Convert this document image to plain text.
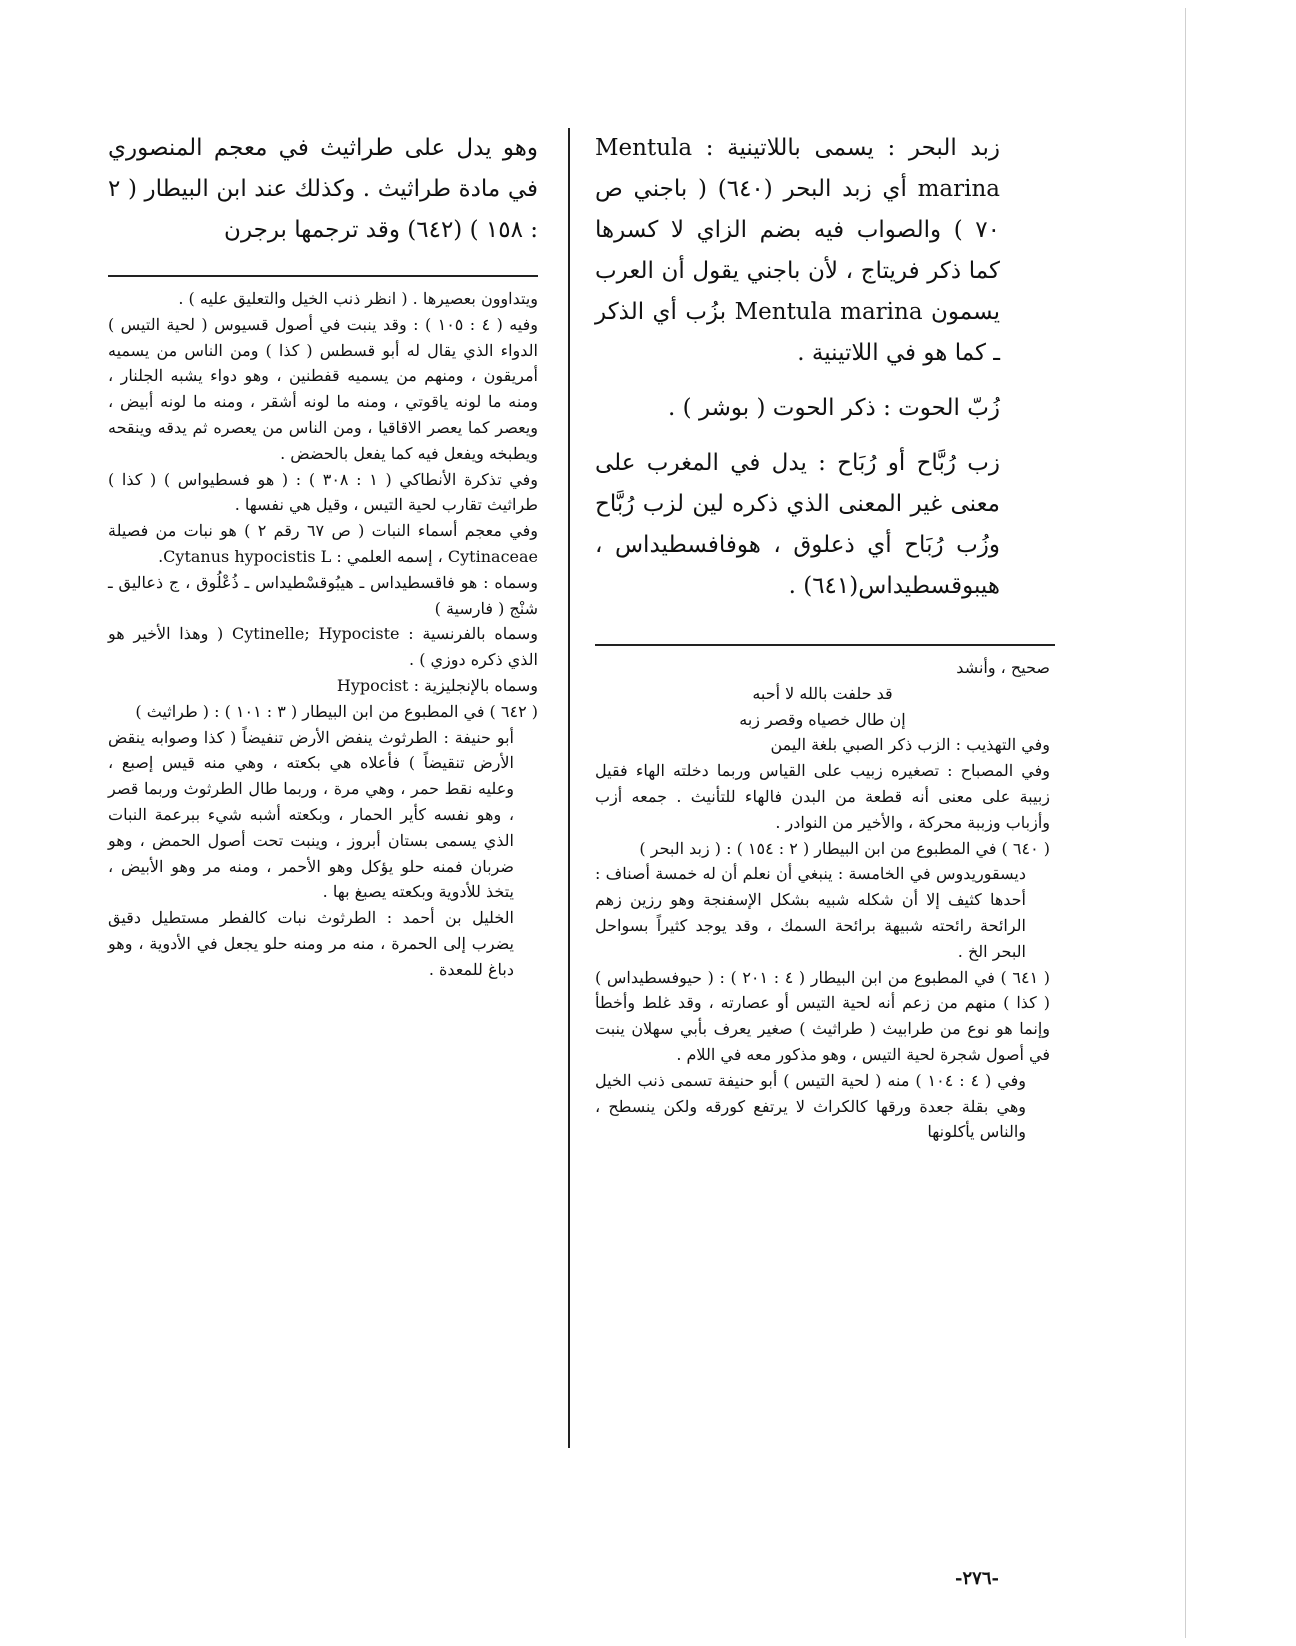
زبد البحر : يسمى باللاتينية : Mentula marina أي زبد البحر (٦٤٠) ( باجني ص ٧٠ ) والصواب فيه بضم الزاي لا كسرها كما ذكر فريتاج ، لأن باجني يقول أن العرب يسمون Mentula marina بزُب أي الذكر ـ كما هو في اللاتينية .

زُبّ الحوت : ذكر الحوت ( بوشر ) .

زب رُبَّاح أو رُبَاح : يدل في المغرب على معنى غير المعنى الذي ذكره لين لزب رُبَّاح وزُب رُبَاح أي ذعلوق ، هوفافسطيداس ، هيبوقسطيداس(٦٤١) .

وهو يدل على طراثيث في معجم المنصوري في مادة طراثيث . وكذلك عند ابن البيطار ( ٢ : ١٥٨ ) (٦٤٢) وقد ترجمها برجرن

صحيح ، وأنشد

قد حلفت بالله لا أحبه

إن طال خصياه وقصر زبه

وفي التهذيب : الزب ذكر الصبي بلغة اليمن

وفي المصباح : تصغيره زبيب على القياس وربما دخلته الهاء فقيل زبيبة على معنى أنه قطعة من البدن فالهاء للتأنيث . جمعه أزب وأزباب وزببة محركة ، والأخير من النوادر .

( ٦٤٠ ) في المطبوع من ابن البيطار ( ٢ : ١٥٤ ) : ( زبد البحر )

ديسقوريدوس في الخامسة : ينبغي أن نعلم أن له خمسة أصناف : أحدها كثيف إلا أن شكله شبيه بشكل الإسفنجة وهو رزين زهم الرائحة رائحته شبيهة برائحة السمك ، وقد يوجد كثيراً بسواحل البحر الخ .

( ٦٤١ ) في المطبوع من ابن البيطار ( ٤ : ٢٠١ ) : ( حيوفسطيداس ) ( كذا ) منهم من زعم أنه لحية التيس أو عصارته ، وقد غلط وأخطأ وإنما هو نوع من طرابيث ( طراثيث ) صغير يعرف بأبي سهلان ينبت في أصول شجرة لحية التيس ، وهو مذكور معه في اللام .

وفي ( ٤ : ١٠٤ ) منه ( لحية التيس ) أبو حنيفة تسمى ذنب الخيل وهي بقلة جعدة ورقها كالكراث لا يرتفع كورقه ولكن ينسطح ، والناس يأكلونها

ويتداوون بعصيرها . ( انظر ذنب الخيل والتعليق عليه ) .

وفيه ( ٤ : ١٠٥ ) : وقد ينبت في أصول قسيوس ( لحية التيس ) الدواء الذي يقال له أبو قسطس ( كذا ) ومن الناس من يسميه أمريقون ، ومنهم من يسميه قفطنين ، وهو دواء يشبه الجلنار ، ومنه ما لونه ياقوتي ، ومنه ما لونه أشقر ، ومنه ما لونه أبيض ، ويعصر كما يعصر الاقاقيا ، ومن الناس من يعصره ثم يدقه وينقحه ويطبخه ويفعل فيه كما يفعل بالحضض .

وفي تذكرة الأنطاكي ( ١ : ٣٠٨ ) : ( هو فسطيواس ) ( كذا ) طراثيث تقارب لحية التيس ، وقيل هي نفسها .

وفي معجم أسماء النبات ( ص ٦٧ رقم ٢ ) هو نبات من فصيلة Cytinaceae ، إسمه العلمي : Cytanus hypocistis L.

وسماه : هو فاقسطيداس ـ هيبُوقسْطيداس ـ ذُعْلُوق ، ج ذعاليق ـ شنْج ( فارسية )

وسماه بالفرنسية : Cytinelle; Hypociste ( وهذا الأخير هو الذي ذكره دوزي ) .

وسماه بالإنجليزية : Hypocist

( ٦٤٢ ) في المطبوع من ابن البيطار ( ٣ : ١٠١ ) : ( طراثيث )

أبو حنيفة : الطرثوث ينفض الأرض تنفيضاً ( كذا وصوابه ينقض الأرض تنقيضاً ) فأعلاه هي بكعته ، وهي منه قيس إصبع ، وعليه نقط حمر ، وهي مرة ، وربما طال الطرثوث وربما قصر ، وهو نفسه كأير الحمار ، وبكعته أشبه شيء ببرعمة النبات الذي يسمى بستان أبروز ، وينبت تحت أصول الحمض ، وهو ضربان فمنه حلو يؤكل وهو الأحمر ، ومنه مر وهو الأبيض ، يتخذ للأدوية وبكعته يصبغ بها .

الخليل بن أحمد : الطرثوث نبات كالفطر مستطيل دقيق يضرب إلى الحمرة ، منه مر ومنه حلو يجعل في الأدوية ، وهو دباغ للمعدة .

-٢٧٦-
